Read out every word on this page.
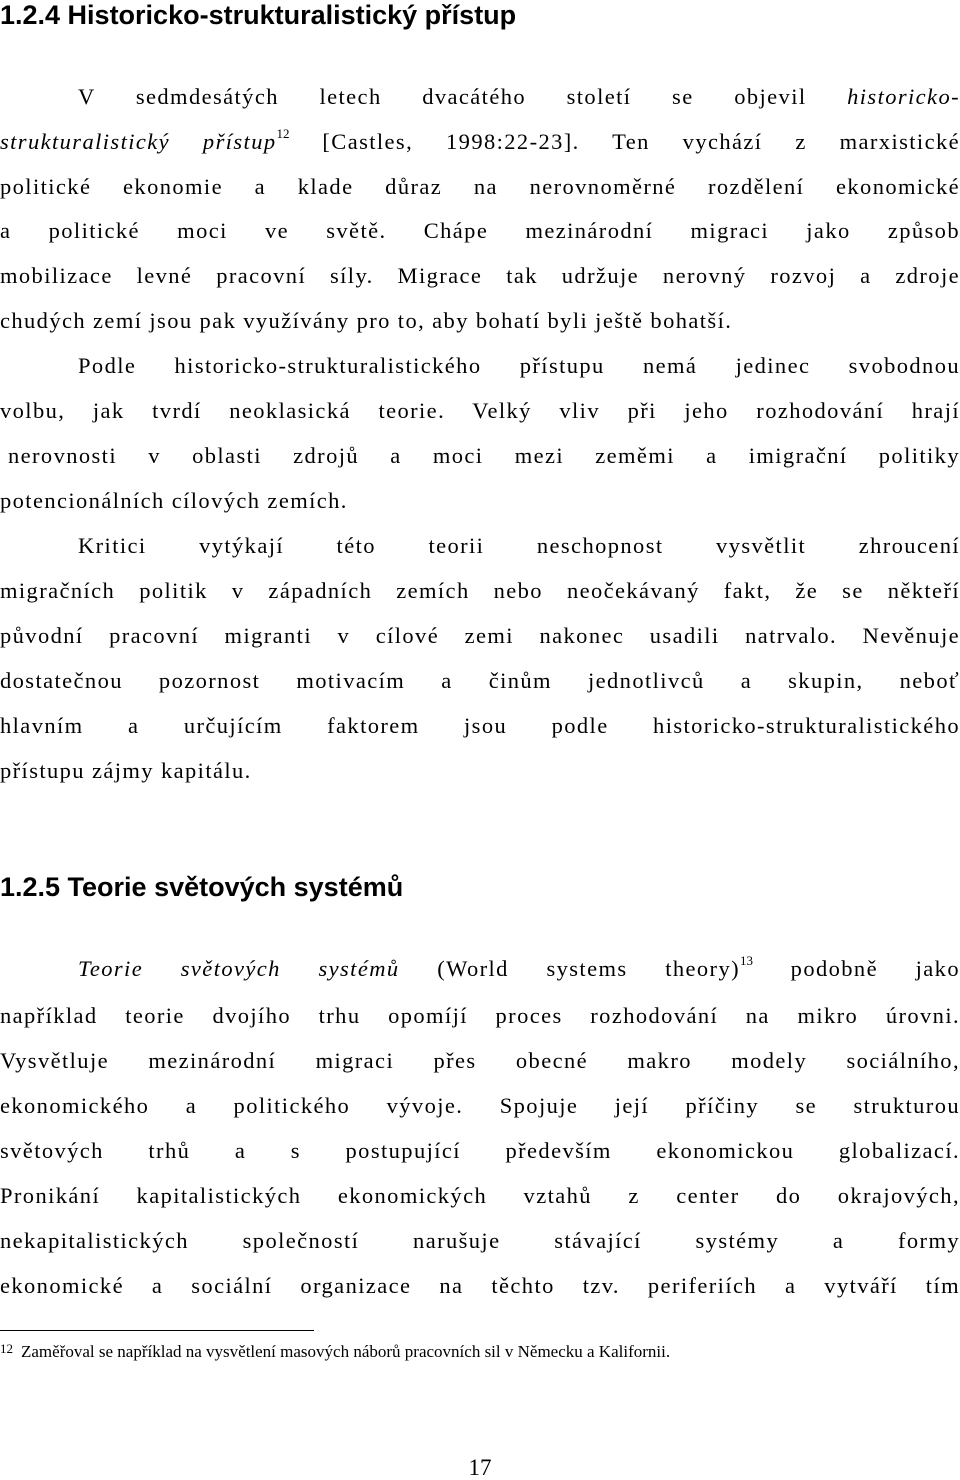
1.2.4 Historicko-strukturalistický přístup

V sedmdesátých letech dvacátého století se objevil historicko-

strukturalistický přístup$^{12}$ [Castles, 1998:22-23]. Ten vychází z marxistické

politické ekonomie a klade důraz na nerovnoměrné rozdělení ekonomické

a politické moci ve světě. Chápe mezinárodní migraci jako způsob

mobilizace levné pracovní síly. Migrace tak udržuje nerovný rozvoj a zdroje

chudých zemí jsou pak využívány pro to, aby bohatí byli ještě bohatší.

Podle historicko-strukturalistického přístupu nemá jedinec svobodnou

volbu, jak tvrdí neoklasická teorie. Velký vliv při jeho rozhodování hrají

nerovnosti v oblasti zdrojů a moci mezi zeměmi a imigrační politiky

potencionálních cílových zemích.

Kritici vytýkají této teorii neschopnost vysvětlit zhroucení

migračních politik v západních zemích nebo neočekávaný fakt, že se někteří

původní pracovní migranti v cílové zemi nakonec usadili natrvalo. Nevěnuje

dostatečnou pozornost motivacím a činům jednotlivců a skupin, neboť

hlavním a určujícím faktorem jsou podle historicko-strukturalistického

přístupu zájmy kapitálu.

1.2.5 Teorie světových systémů

Teorie světových systémů (World systems theory)$^{13}$ podobně jako

například teorie dvojího trhu opomíjí proces rozhodování na mikro úrovni.

Vysvětluje mezinárodní migraci přes obecné makro modely sociálního,

ekonomického a politického vývoje. Spojuje její příčiny se strukturou

světových trhů a s postupující především ekonomickou globalizací.

Pronikání kapitalistických ekonomických vztahů z center do okrajových,

nekapitalistických společností narušuje stávající systémy a formy

ekonomické a sociální organizace na těchto tzv. periferiích a vytváří tím

$^{12}$ Zaměřoval se například na vysvětlení masových náborů pracovních sil v Německu a Kalifornii.
17
